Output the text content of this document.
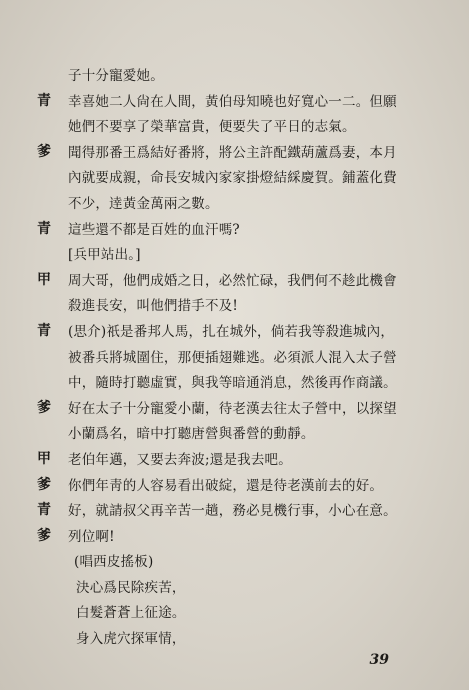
子十分寵愛她。
青 幸喜她二人尙在人間，黃伯母知曉也好寬心一二。但願
她們不要享了榮華富貴，便要失了平日的志氣。
爹 聞得那番王爲結好番將，將公主許配鐵葫蘆爲妻，本月
內就要成親，命長安城內家家掛燈結綵慶賀。鋪蓋化費
不少，逹黃金萬兩之數。
青 這些還不都是百姓的血汗嗎?
[兵甲站出。]
甲 周大哥，他們成婚之日，必然忙碌，我們何不趁此機會
殺進長安，叫他們措手不及!
青 (思介)祇是番邦人馬，扎在城外，倘若我等殺進城內，
被番兵將城圍住，那便插翅難逃。必須派人混入太子營
中，隨時打聽虛實，與我等暗通消息，然後再作商議。
爹 好在太子十分寵愛小蘭，待老漢去往太子營中，以探望
小蘭爲名，暗中打聽唐營與番營的動靜。
甲 老伯年邁，又要去奔波;還是我去吧。
爹 你們年靑的人容易看出破綻，還是待老漢前去的好。
青 好，就請叔父再辛苦一趟，務必見機行事，小心在意。
爹 列位啊!
(唱西皮搖板)
決心爲民除疾苦，
白髮蒼蒼上征途。
身入虎穴探軍情，
39
